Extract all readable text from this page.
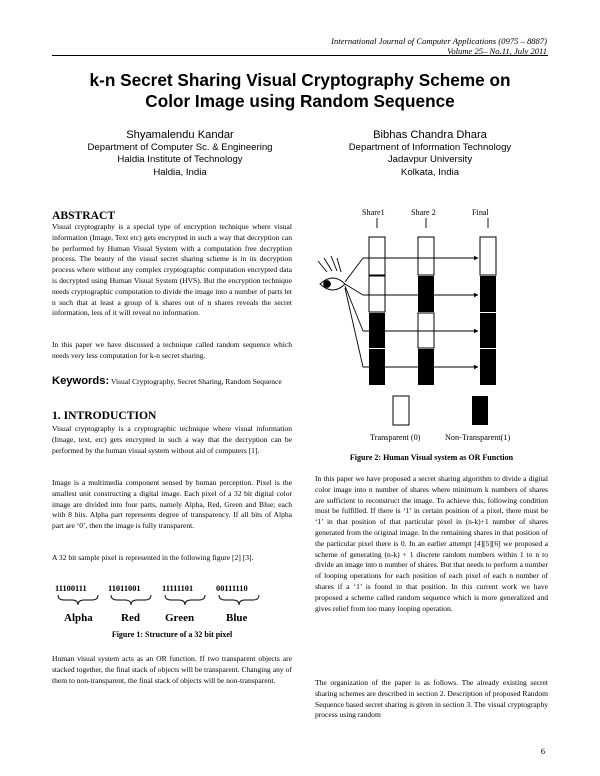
International Journal of Computer Applications (0975 – 8887)
Volume 25– No.11, July 2011
k-n Secret Sharing Visual Cryptography Scheme on
Color Image using Random Sequence
Shyamalendu Kandar
Department of Computer Sc. & Engineering
Haldia Institute of Technology
Haldia, India
Bibhas Chandra Dhara
Department of Information Technology
Jadavpur University
Kolkata, India
ABSTRACT

Visual cryptography is a special type of encryption technique where visual information (Image, Text etc) gets encrypted in such a way that decryption can be performed by Human Visual System with a computation free decryption process. The beauty of the visual secret sharing scheme is in its decryption process where without any complex cryptographic computation encrypted data is decrypted using Human Visual System (HVS). But the encryption technique needs cryptographic computation to divide the image into a number of parts let n such that at least a group of k shares out of n shares reveals the secret information, less of it will reveal no information.

In this paper we have discussed a technique called random sequence which needs very less computation for k-n secret sharing.

Keywords: Visual Cryptography, Secret Sharing, Random Sequence
1. INTRODUCTION

Visual cryptography is a cryptographic technique where visual information (Image, text, etc) gets encrypted in such a way that the decryption can be performed by the human visual system without aid of computers [1].

Image is a multimedia component sensed by human perception. Pixel is the smallest unit constructing a digital image. Each pixel of a 32 bit digital color image are divided into four parts, namely Alpha, Red, Green and Blue; each with 8 bits. Alpha part represents degree of transparency. If all bits of Alpha part are ‘0’, then the image is fully transparent.

A 32 bit sample pixel is represented in the following figure [2] [3].

11100111	11011001	11111101	00111110
Alpha	Red Green	Blue
Figure 1: Structure of a 32 bit pixel

Human visual system acts as an OR function. If two transparent objects are stacked together, the final stack of objects will be transparent. Changing any of them to non-transparent, the final stack of objects will be non-transparent.

Share1	Share 2	Final
Transparent (0)	Non-Transparent(1)
Figure 2: Human Visual system as OR Function

In this paper we have proposed a secret sharing algorithm to divide a digital color image into n number of shares where minimum k numbers of shares are sufficient to reconstruct the image. To achieve this, following condition must be fulfilled. If there is ‘1’ in certain position of a pixel, there must be ‘1’ in that position of that particular pixel in (n-k)+1 number of shares generated from the original image. In the remaining shares in that position of the particular pixel there is 0. In an earlier attempt [4][5][6] we proposed a scheme of generating (n-k) + 1 discrete random numbers within 1 to n to divide an image into n number of shares. But that needs to perform a number of looping operations for each position of each pixel of each n number of shares if a ‘1’ is found in that position. In this current work we have proposed a scheme called random sequence which is more generalized and gives relief from too many looping operation.

The organization of the paper is as follows. The already existing secret sharing schemes are described in section 2. Description of proposed Random Sequence based secret sharing is given in section 3. The visual cryptography process using random

6
